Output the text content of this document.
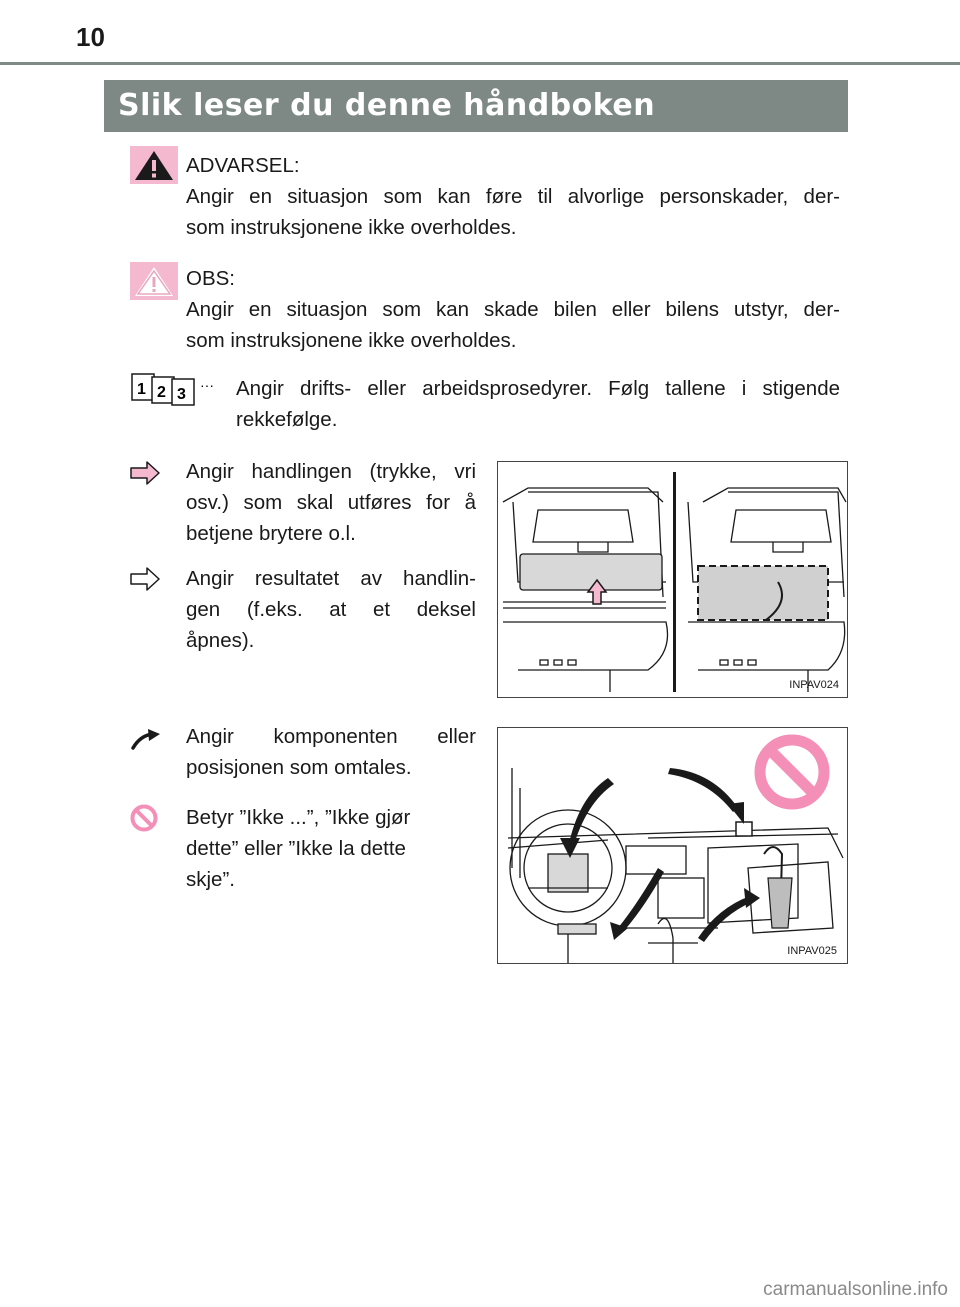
10
Slik leser du denne håndboken
ADVARSEL:
Angir en situasjon som kan føre til alvorlige personskader, der-
som instruksjonene ikke overholdes.
OBS:
Angir en situasjon som kan skade bilen eller bilens utstyr, der-
som instruksjonene ikke overholdes.
1 2 3
··· Angir drifts- eller arbeidsprosedyrer. Følg tallene i stigende
rekkefølge.
Angir handlingen (trykke, vri
osv.) som skal utføres for å
betjene brytere o.l.
Angir resultatet av handlin-
gen (f.eks. at et deksel
åpnes).
INPAV024
Angir komponenten eller
posisjonen som omtales.
Betyr ”Ikke ...”, ”Ikke gjør
dette” eller ”Ikke la dette
skje”.
INPAV025
carmanualsonline.info
